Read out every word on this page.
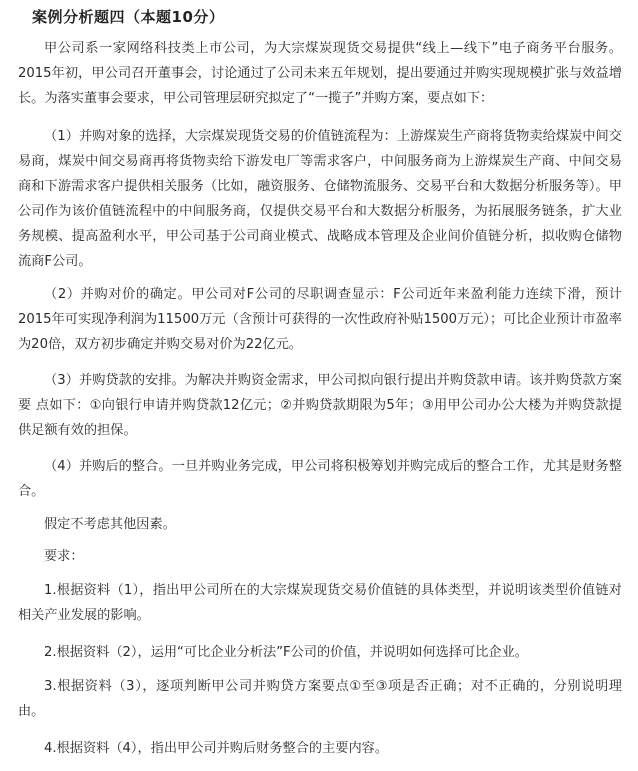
案例分析题四（本题10分）
甲公司系一家网络科技类上市公司，为大宗煤炭现货交易提供“线上—线下”电子商务平台服务。2015年初，甲公司召开董事会，讨论通过了公司未来五年规划，提出要通过并购实现规模扩张与效益增长。为落实董事会要求，甲公司管理层研究拟定了“一揽子”并购方案，要点如下：
（1）并购对象的选择，大宗煤炭现货交易的价值链流程为：上游煤炭生产商将货物卖给煤炭中间交易商，煤炭中间交易商再将货物卖给下游发电厂等需求客户，中间服务商为上游煤炭生产商、中间交易商和下游需求客户提供相关服务（比如，融资服务、仓储物流服务、交易平台和大数据分析服务等）。甲公司作为该价值链流程中的中间服务商，仅提供交易平台和大数据分析服务，为拓展服务链条，扩大业务规模、提高盈利水平，甲公司基于公司商业模式、战略成本管理及企业间价值链分析，拟收购仓储物流商F公司。
（2）并购对价的确定。甲公司对F公司的尽职调查显示：F公司近年来盈利能力连续下滑，预计2015年可实现净利润为11500万元（含预计可获得的一次性政府补贴1500万元）；可比企业预计市盈率为20倍，双方初步确定并购交易对价为22亿元。
（3）并购贷款的安排。为解决并购资金需求，甲公司拟向银行提出并购贷款申请。该并购贷款方案要 点如下：①向银行申请并购贷款12亿元；②并购贷款期限为5年；③用甲公司办公大楼为并购贷款提供足额有效的担保。
（4）并购后的整合。一旦并购业务完成，甲公司将积极筹划并购完成后的整合工作，尤其是财务整合。
假定不考虑其他因素。
要求：
1.根据资料（1），指出甲公司所在的大宗煤炭现货交易价值链的具体类型，并说明该类型价值链对相关产业发展的影响。
2.根据资料（2），运用“可比企业分析法”F公司的价值，并说明如何选择可比企业。
3.根据资料（3），逐项判断甲公司并购贷方案要点①至③项是否正确；对不正确的，分别说明理由。
4.根据资料（4），指出甲公司并购后财务整合的主要内容。
